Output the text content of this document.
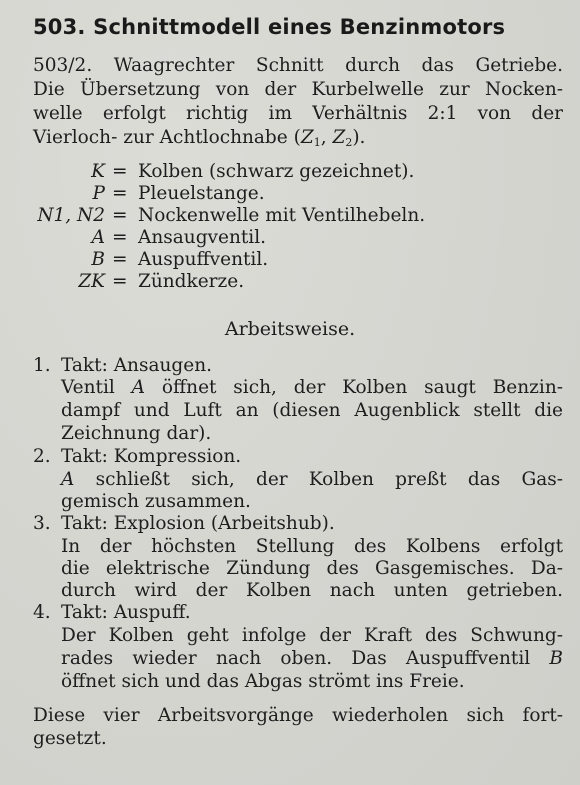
503. Schnittmodell eines Benzinmotors
503/2. Waagrechter Schnitt durch das Getriebe.
Die Übersetzung von der Kurbelwelle zur Nocken-
welle erfolgt richtig im Verhältnis 2:1 von der
Vierloch- zur Achtlochnabe ($Z_1$, $Z_2$).
K = Kolben (schwarz gezeichnet).
P = Pleuelstange.
N1, N2 = Nockenwelle mit Ventilhebeln.
A = Ansaugventil.
B = Auspuffventil.
ZK = Zündkerze.
Arbeitsweise.
1. Takt: Ansaugen.
Ventil A öffnet sich, der Kolben saugt Benzin-
dampf und Luft an (diesen Augenblick stellt die
Zeichnung dar).
2. Takt: Kompression.
A schließt sich, der Kolben preßt das Gas-
gemisch zusammen.
3. Takt: Explosion (Arbeitshub).
In der höchsten Stellung des Kolbens erfolgt
die elektrische Zündung des Gasgemisches. Da-
durch wird der Kolben nach unten getrieben.
4. Takt: Auspuff.
Der Kolben geht infolge der Kraft des Schwung-
rades wieder nach oben. Das Auspuffventil B
öffnet sich und das Abgas strömt ins Freie.
Diese vier Arbeitsvorgänge wiederholen sich fort-
gesetzt.
